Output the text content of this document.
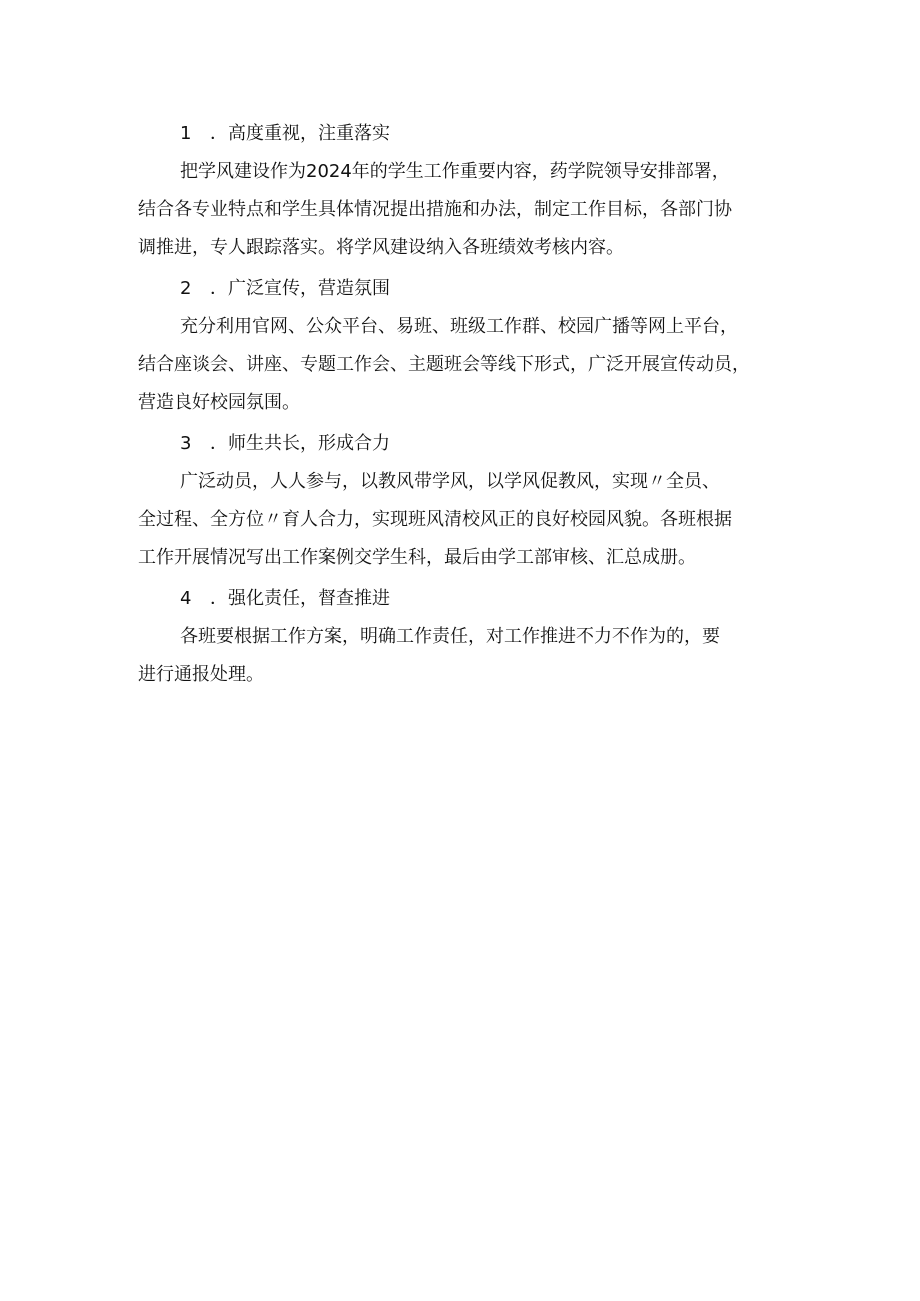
1 ．高度重视，注重落实

把学风建设作为2024年的学生工作重要内容，药学院领导安排部署，
结合各专业特点和学生具体情况提出措施和办法，制定工作目标，各部门协
调推进，专人跟踪落实。将学风建设纳入各班绩效考核内容。

2 ．广泛宣传，营造氛围

充分利用官网、公众平台、易班、班级工作群、校园广播等网上平台，
结合座谈会、讲座、专题工作会、主题班会等线下形式，广泛开展宣传动员，
营造良好校园氛围。

3 ．师生共长，形成合力

广泛动员，人人参与，以教风带学风，以学风促教风，实现〃全员、
全过程、全方位〃育人合力，实现班风清校风正的良好校园风貌。各班根据
工作开展情况写出工作案例交学生科，最后由学工部审核、汇总成册。

4 ．强化责任，督查推进

各班要根据工作方案，明确工作责任，对工作推进不力不作为的，要
进行通报处理。
